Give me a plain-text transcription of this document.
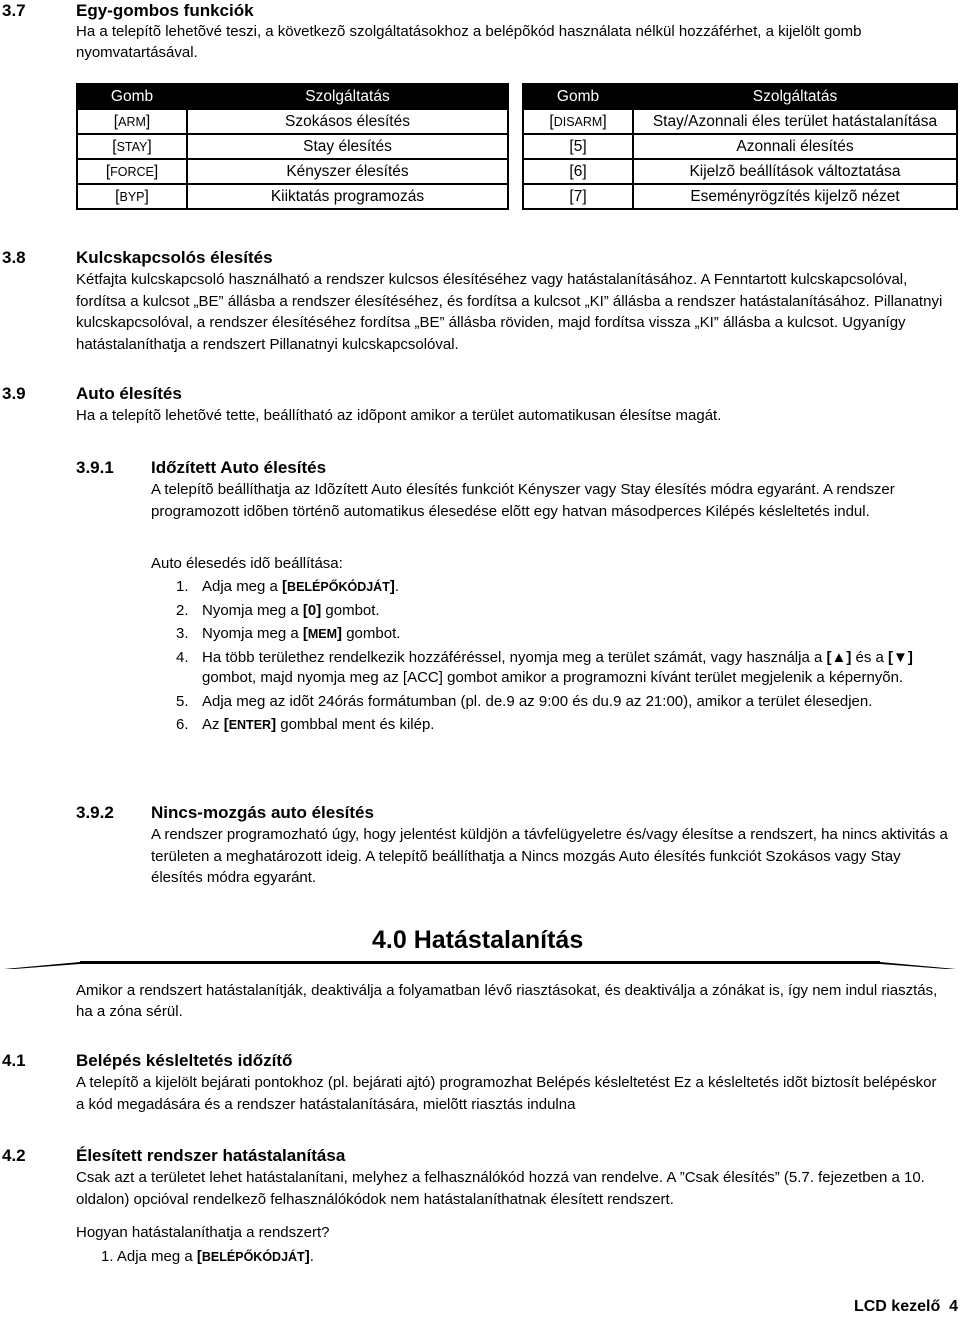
3.7	Egy-gombos funkciók

Ha a telepítõ lehetõvé teszi, a következõ szolgáltatásokhoz a belépõkód használata nélkül hozzáférhet, a kijelölt gomb nyomvatartásával.

Gomb	Szolgáltatás
[ARM]	Szokásos élesítés
[STAY]	Stay élesítés
[FORCE]	Kényszer élesítés
[BYP]	Kiiktatás programozás
Gomb	Szolgáltatás
[DISARM]	Stay/Azonnali éles terület hatástalanítása
[5]	Azonnali élesítés
[6]	Kijelzõ beállítások változtatása
[7]	Eseményrögzítés kijelzõ nézet
3.8	Kulcskapcsolós élesítés

Kétfajta kulcskapcsoló használható a rendszer kulcsos élesítéséhez vagy hatástalanításához. A Fenntartott kulcskapcsolóval, fordítsa a kulcsot „BE” állásba a rendszer élesítéséhez, és fordítsa a kulcsot „KI” állásba a rendszer hatástalanításához. Pillanatnyi kulcskapcsolóval, a rendszer élesítéséhez fordítsa „BE” állásba röviden, majd fordítsa vissza „KI” állásba a kulcsot. Ugyanígy hatástalaníthatja a rendszert Pillanatnyi kulcskapcsolóval.

3.9	Auto élesítés

Ha a telepítõ lehetõvé tette, beállítható az idõpont amikor a terület automatikusan élesítse magát.

3.9.1 Időzített Auto élesítés

A telepítõ beállíthatja az Idõzített Auto élesítés funkciót Kényszer vagy Stay élesítés módra egyaránt. A rendszer programozott idõben történõ automatikus élesedése elõtt egy hatvan másodperces Kilépés késleltetés indul.

Auto élesedés idõ beállítása:

1. Adja meg a [BELÉPŐKÓDJÁT].
2. Nyomja meg a [0] gombot.
3. Nyomja meg a [MEM] gombot.
4. Ha több területhez rendelkezik hozzáféréssel, nyomja meg a terület számát, vagy használja a [▲] és a [▼] gombot, majd nyomja meg az [ACC] gombot amikor a programozni kívánt terület megjelenik a képernyõn.
5. Adja meg az idõt 24órás formátumban (pl. de.9 az 9:00 és du.9 az 21:00), amikor a terület élesedjen.
6. Az [ENTER] gombbal ment és kilép.
3.9.2 Nincs-mozgás auto élesítés

A rendszer programozható úgy, hogy jelentést küldjön a távfelügyeletre és/vagy élesítse a rendszert, ha nincs aktivitás a területen a meghatározott ideig. A telepítõ beállíthatja a Nincs mozgás Auto élesítés funkciót Szokásos vagy Stay élesítés módra egyaránt.

4.0 Hatástalanítás

Amikor a rendszert hatástalanítják, deaktiválja a folyamatban lévő riasztásokat, és deaktiválja a zónákat is, így nem indul riasztás, ha a zóna sérül.

4.1	Belépés késleltetés időzítő

A telepítõ a kijelölt bejárati pontokhoz (pl. bejárati ajtó) programozhat Belépés késleltetést Ez a késleltetés idõt biztosít belépéskor a kód megadására és a rendszer hatástalanítására, mielõtt riasztás indulna

4.2	Élesített rendszer hatástalanítása

Csak azt a területet lehet hatástalanítani, melyhez a felhasználókód hozzá van rendelve. A ”Csak élesítés” (5.7. fejezetben a 10. oldalon) opcióval rendelkezõ felhasználókódok nem hatástalaníthatnak élesített rendszert.

Hogyan hatástalaníthatja a rendszert?

1. Adja meg a [BELÉPŐKÓDJÁT].
LCD kezelő  4
